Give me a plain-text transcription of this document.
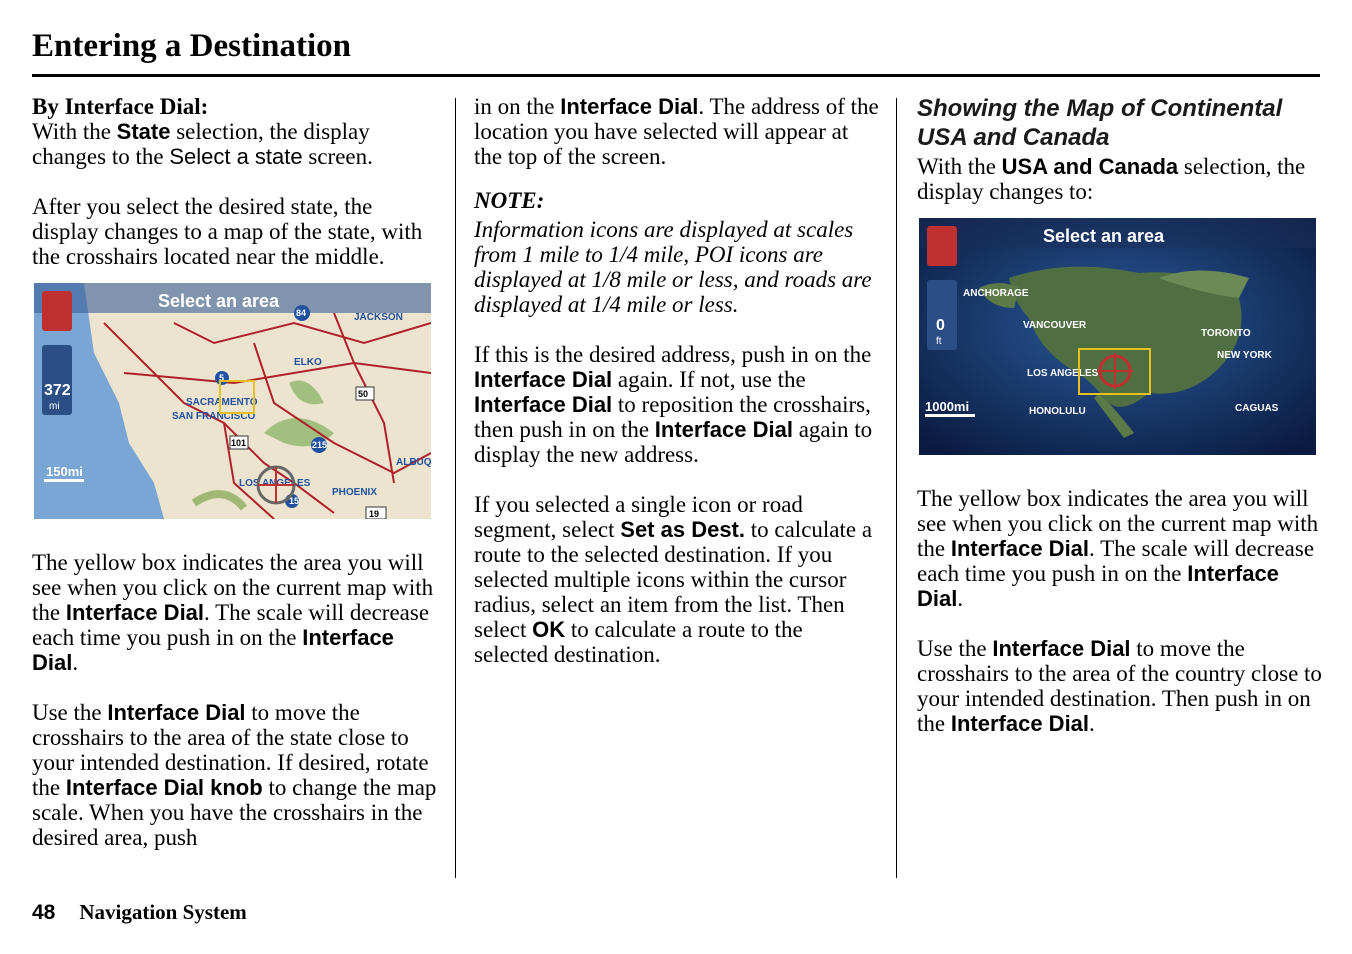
Entering a Destination
By Interface Dial:

With the State selection, the display changes to the Select a state screen.

After you select the desired state, the display changes to a map of the state, with the crosshairs located near the middle.

Select an area
372
mi
150mi
JACKSON
ELKO
SACRAMENTO
SAN FRANCISCO
LOS ANGELES
PHOENIX
ALBUQ
84
5
50
101	215
15
19

The yellow box indicates the area you will see when you click on the current map with the Interface Dial. The scale will decrease each time you push in on the Interface Dial.

Use the Interface Dial to move the crosshairs to the area of the state close to your intended destination. If desired, rotate the Interface Dial knob to change the map scale. When you have the crosshairs in the desired area, push

in on the Interface Dial. The address of the location you have selected will appear at the top of the screen.

NOTE:

Information icons are displayed at scales from 1 mile to 1/4 mile, POI icons are displayed at 1/8 mile or less, and roads are displayed at 1/4 mile or less.

If this is the desired address, push in on the Interface Dial again. If not, use the Interface Dial to reposition the crosshairs, then push in on the Interface Dial again to display the new address.

If you selected a single icon or road segment, select Set as Dest. to calculate a route to the selected destination. If you selected multiple icons within the cursor radius, select an item from the list. Then select OK to calculate a route to the selected destination.

Showing the Map of Continental USA and Canada

With the USA and Canada selection, the display changes to:

Select an area
0
ft
1000mi
ANCHORAGE
VANCOUVER
TORONTO
NEW YORK
LOS ANGELES
HONOLULU	CAGUAS

The yellow box indicates the area you will see when you click on the current map with the Interface Dial. The scale will decrease each time you push in on the Interface Dial.

Use the Interface Dial to move the crosshairs to the area of the country close to your intended destination. Then push in on the Interface Dial.

48 Navigation System
